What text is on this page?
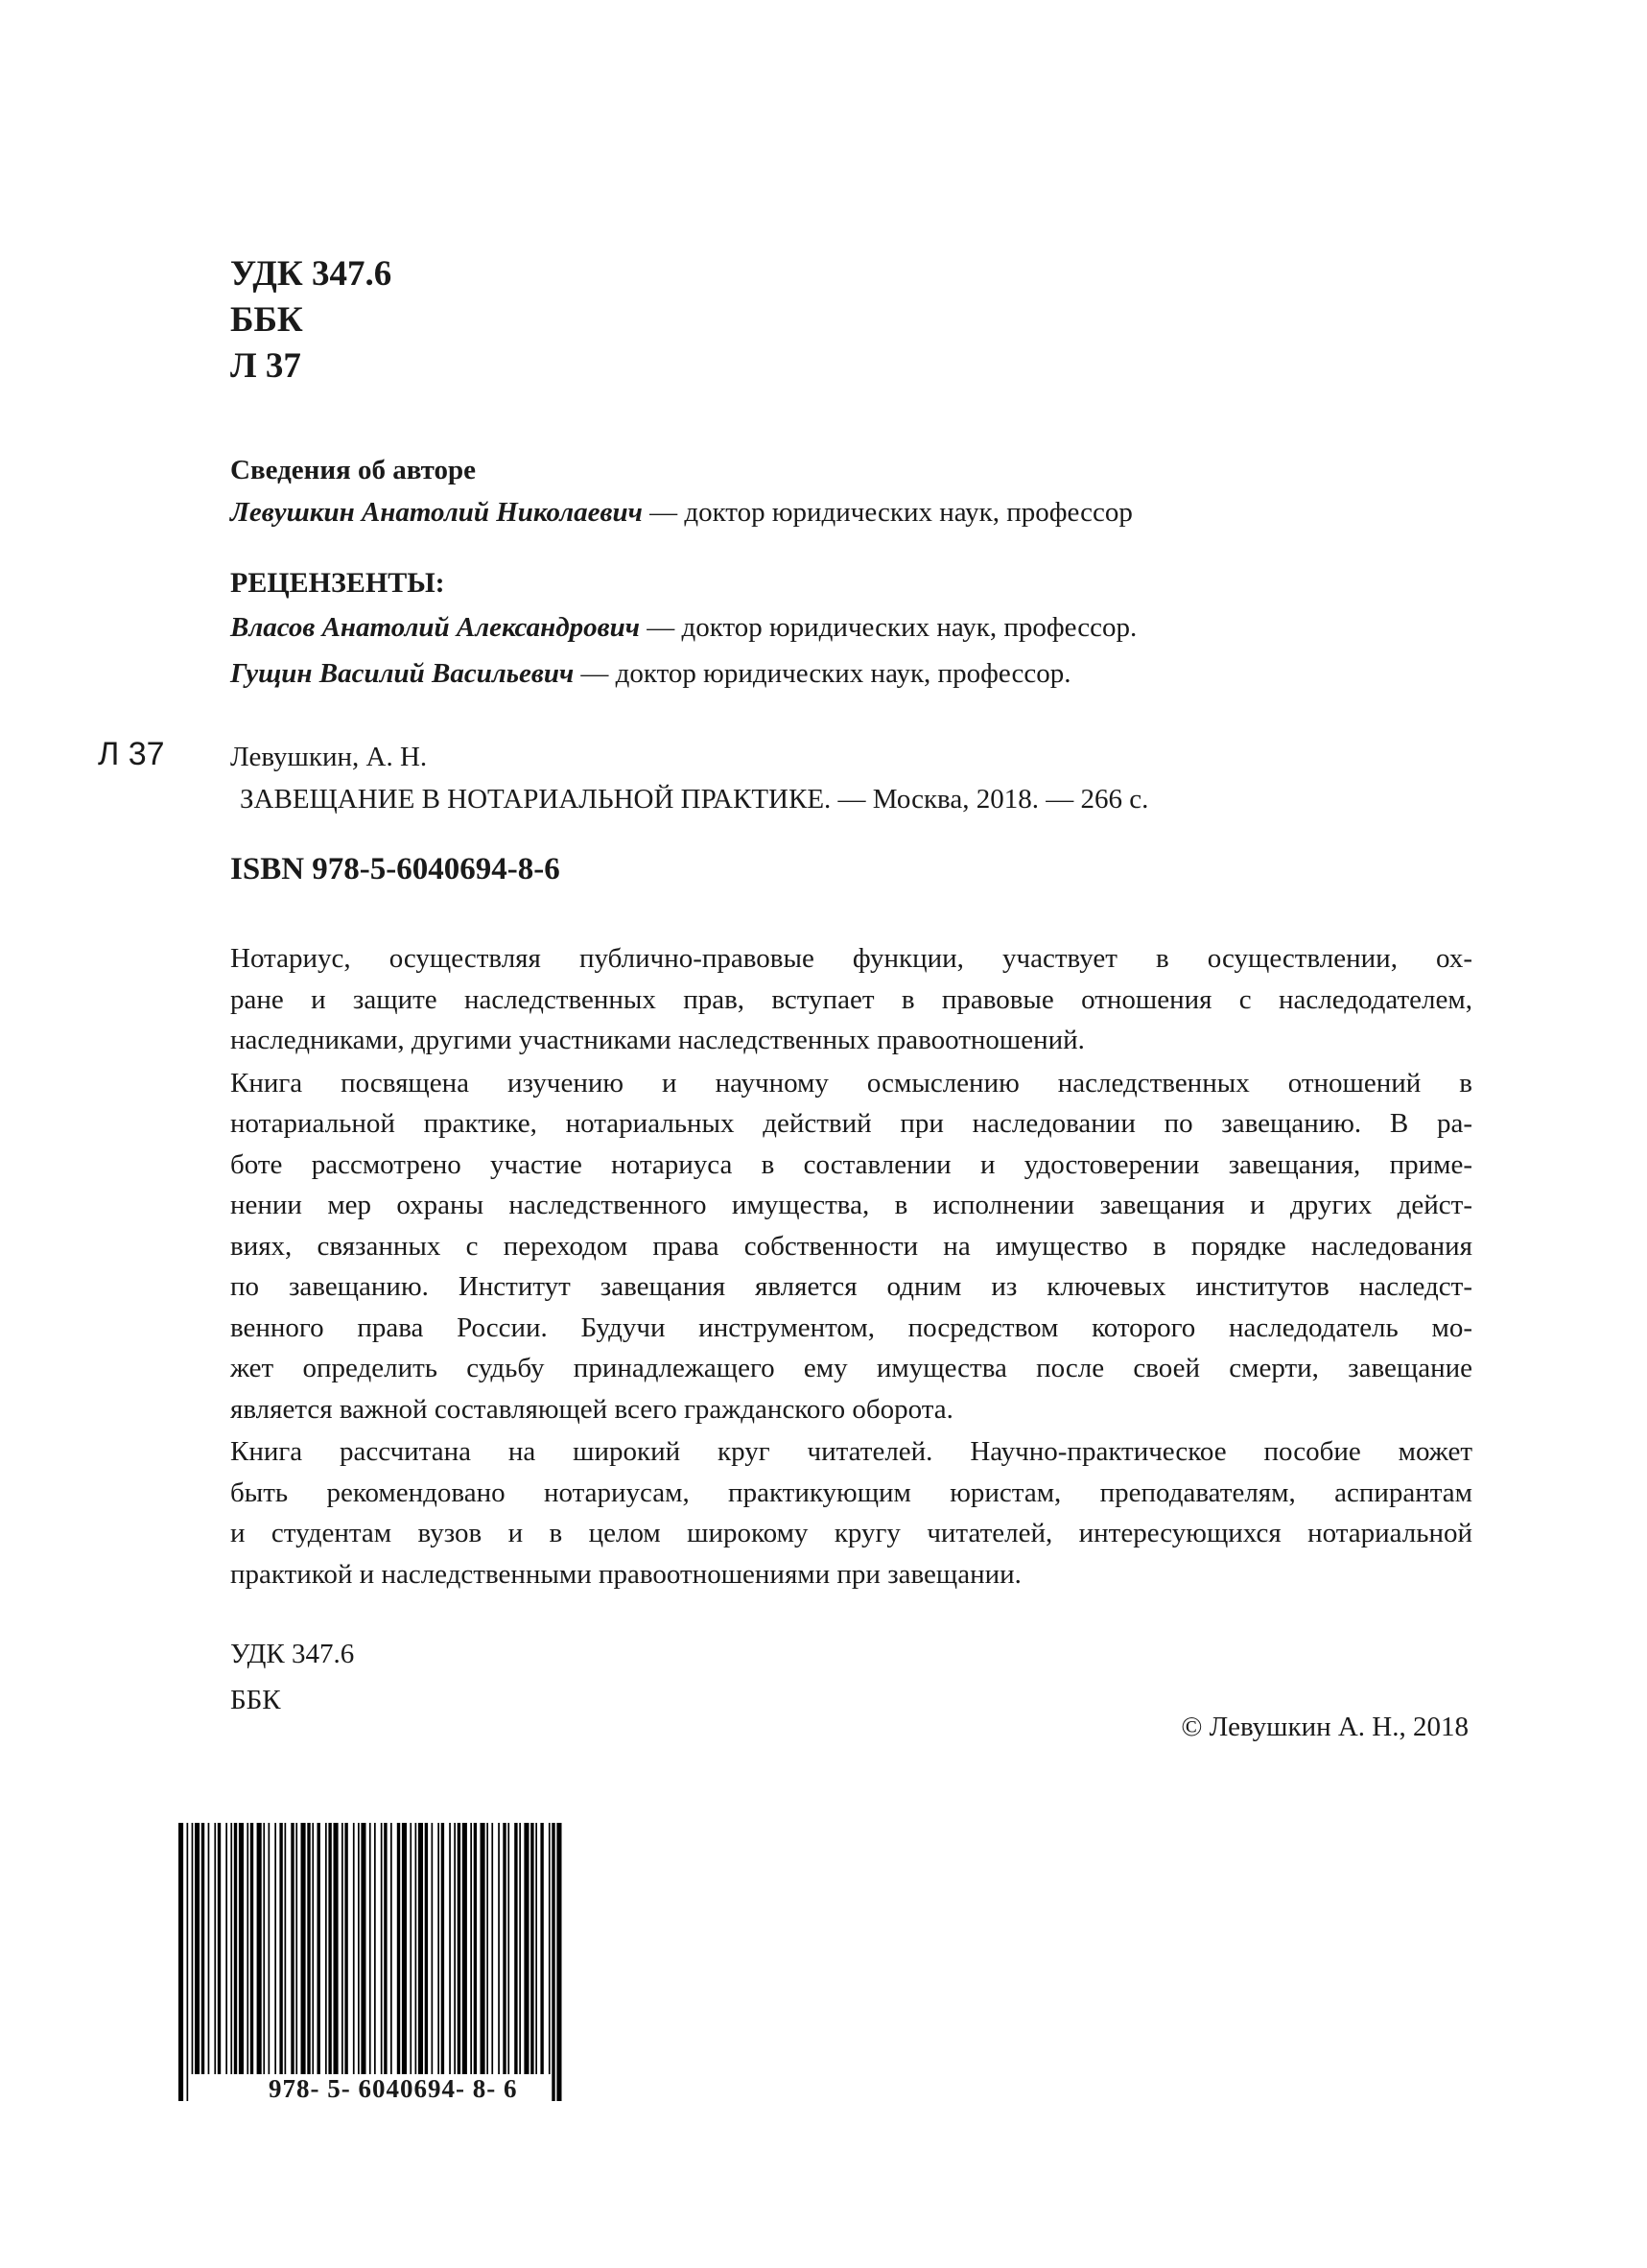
УДК 347.6
ББК
Л 37
Сведения об авторе
Левушкин Анатолий Николаевич — доктор юридических наук, профессор
РЕЦЕНЗЕНТЫ:
Власов Анатолий Александрович — доктор юридических наук, профессор.
Гущин Василий Васильевич — доктор юридических наук, профессор.
Л 37 Левушкин, А. Н.
ЗАВЕЩАНИЕ В НОТАРИАЛЬНОЙ ПРАКТИКЕ. — Москва, 2018. — 266 с.
ISBN 978-5-6040694-8-6
Нотариус, осуществляя публично-правовые функции, участвует в осуществлении, ох-
ране и защите наследственных прав, вступает в правовые отношения с наследодателем,
наследниками, другими участниками наследственных правоотношений.
Книга посвящена изучению и научному осмыслению наследственных отношений в
нотариальной практике, нотариальных действий при наследовании по завещанию. В ра-
боте рассмотрено участие нотариуса в составлении и удостоверении завещания, приме-
нении мер охраны наследственного имущества, в исполнении завещания и других дейст-
виях, связанных с переходом права собственности на имущество в порядке наследования
по завещанию. Институт завещания является одним из ключевых институтов наследст-
венного права России. Будучи инструментом, посредством которого наследодатель мо-
жет определить судьбу принадлежащего ему имущества после своей смерти, завещание
является важной составляющей всего гражданского оборота.
Книга рассчитана на широкий круг читателей. Научно-практическое пособие может
быть рекомендовано нотариусам, практикующим юристам, преподавателям, аспирантам
и студентам вузов и в целом широкому кругу читателей, интересующихся нотариальной
практикой и наследственными правоотношениями при завещании.
УДК 347.6
ББК
© Левушкин А. Н., 2018
978- 5- 6040694- 8- 6
